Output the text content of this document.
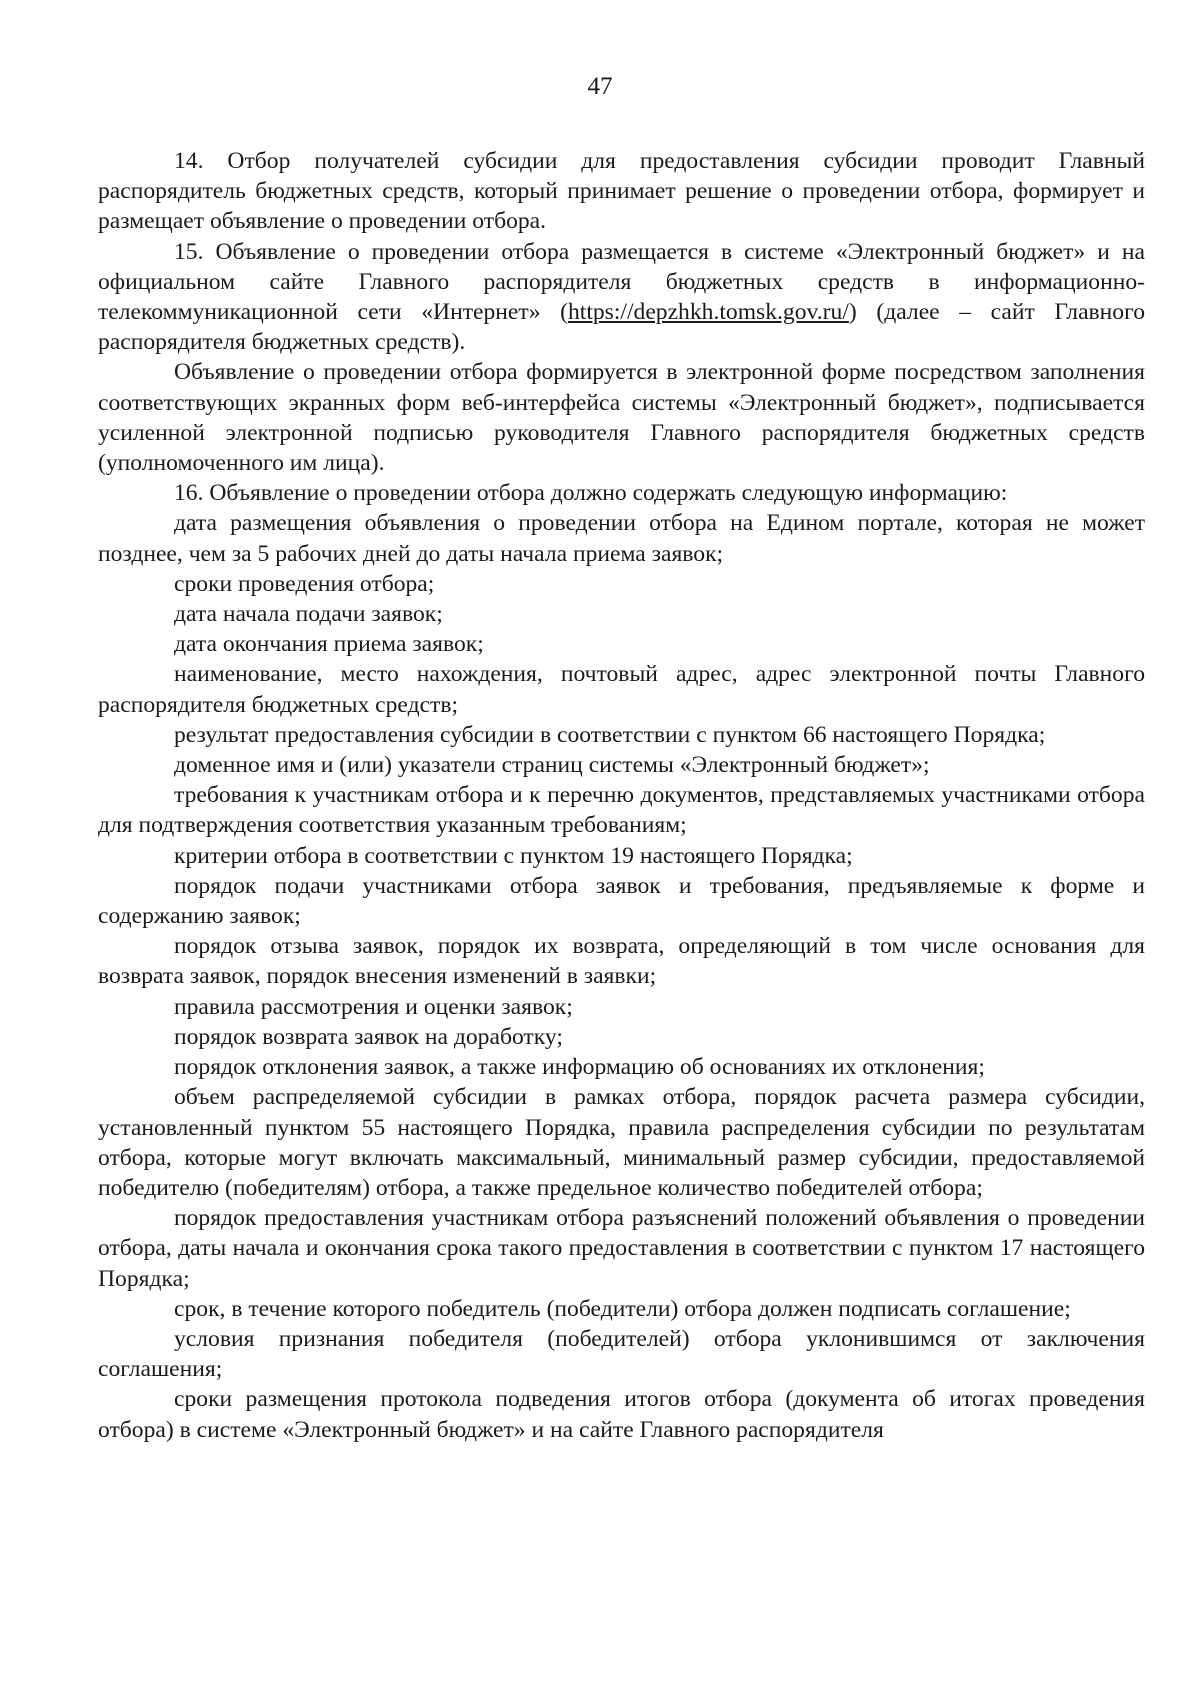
47

14. Отбор получателей субсидии для предоставления субсидии проводит Главный распорядитель бюджетных средств, который принимает решение о проведении отбора, формирует и размещает объявление о проведении отбора.

15. Объявление о проведении отбора размещается в системе «Электронный бюджет» и на официальном сайте Главного распорядителя бюджетных средств в информационно-телекоммуникационной сети «Интернет» (https://depzhkh.tomsk.gov.ru/) (далее – сайт Главного распорядителя бюджетных средств).

Объявление о проведении отбора формируется в электронной форме посредством заполнения соответствующих экранных форм веб-интерфейса системы «Электронный бюджет», подписывается усиленной электронной подписью руководителя Главного распорядителя бюджетных средств (уполномоченного им лица).

16. Объявление о проведении отбора должно содержать следующую информацию:

дата размещения объявления о проведении отбора на Едином портале, которая не может позднее, чем за 5 рабочих дней до даты начала приема заявок;

сроки проведения отбора;

дата начала подачи заявок;

дата окончания приема заявок;

наименование, место нахождения, почтовый адрес, адрес электронной почты Главного распорядителя бюджетных средств;

результат предоставления субсидии в соответствии с пунктом 66 настоящего Порядка;

доменное имя и (или) указатели страниц системы «Электронный бюджет»;

требования к участникам отбора и к перечню документов, представляемых участниками отбора для подтверждения соответствия указанным требованиям;

критерии отбора в соответствии с пунктом 19 настоящего Порядка;

порядок подачи участниками отбора заявок и требования, предъявляемые к форме и содержанию заявок;

порядок отзыва заявок, порядок их возврата, определяющий в том числе основания для возврата заявок, порядок внесения изменений в заявки;

правила рассмотрения и оценки заявок;

порядок возврата заявок на доработку;

порядок отклонения заявок, а также информацию об основаниях их отклонения;

объем распределяемой субсидии в рамках отбора, порядок расчета размера субсидии, установленный пунктом 55 настоящего Порядка, правила распределения субсидии по результатам отбора, которые могут включать максимальный, минимальный размер субсидии, предоставляемой победителю (победителям) отбора, а также предельное количество победителей отбора;

порядок предоставления участникам отбора разъяснений положений объявления о проведении отбора, даты начала и окончания срока такого предоставления в соответствии с пунктом 17 настоящего Порядка;

срок, в течение которого победитель (победители) отбора должен подписать соглашение;

условия признания победителя (победителей) отбора уклонившимся от заключения соглашения;

сроки размещения протокола подведения итогов отбора (документа об итогах проведения отбора) в системе «Электронный бюджет» и на сайте Главного распорядителя
